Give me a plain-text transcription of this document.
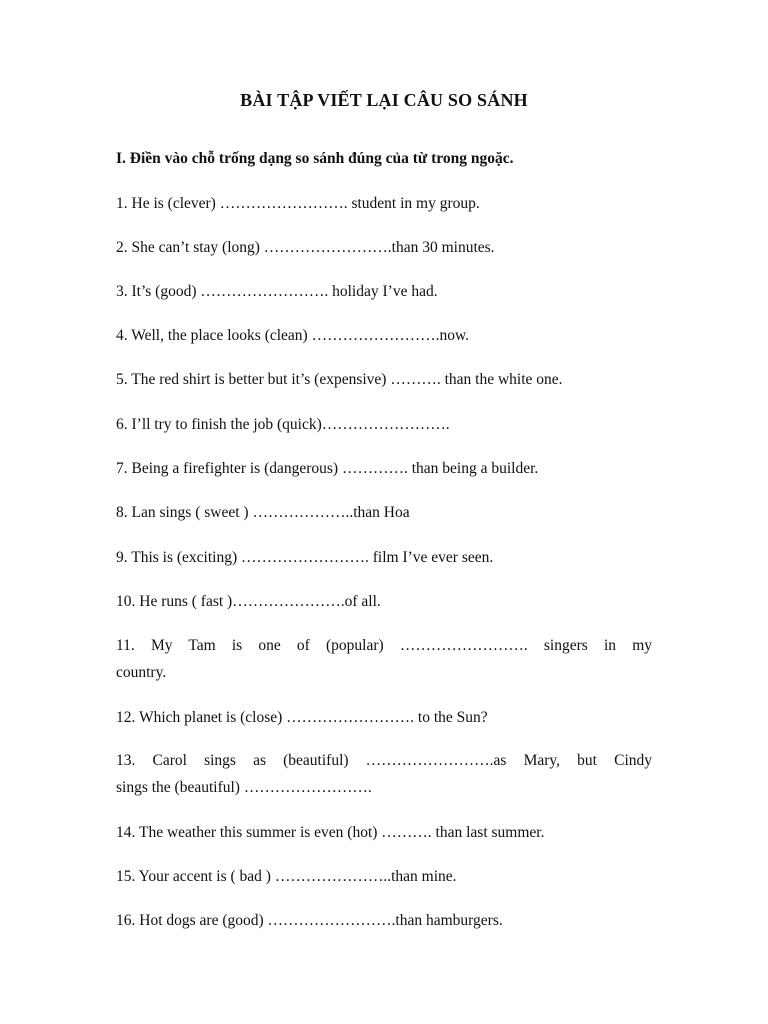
BÀI TẬP VIẾT LẠI CÂU SO SÁNH
I. Điền vào chỗ trống dạng so sánh đúng của từ trong ngoặc.
1. He is (clever) ……………………. student in my group.
2. She can’t stay (long) …………………….than 30 minutes.
3. It’s (good) ……………………. holiday I’ve had.
4. Well, the place looks (clean) …………………….now.
5. The red shirt is better but it’s (expensive) ………. than the white one.
6. I’ll try to finish the job (quick)…………………….
7. Being a firefighter is (dangerous) …………. than being a builder.
8. Lan sings ( sweet ) ………………..than Hoa
9. This is (exciting) ……………………. film I’ve ever seen.
10. He runs ( fast )………………….of all.
11. My Tam is one of (popular) ……………………. singers in my
country.
12. Which planet is (close) ……………………. to the Sun?
13. Carol sings as (beautiful) …………………….as Mary, but Cindy
sings the (beautiful) …………………….
14. The weather this summer is even (hot) ………. than last summer.
15. Your accent is ( bad ) …………………..than mine.
16. Hot dogs are (good) …………………….than hamburgers.
